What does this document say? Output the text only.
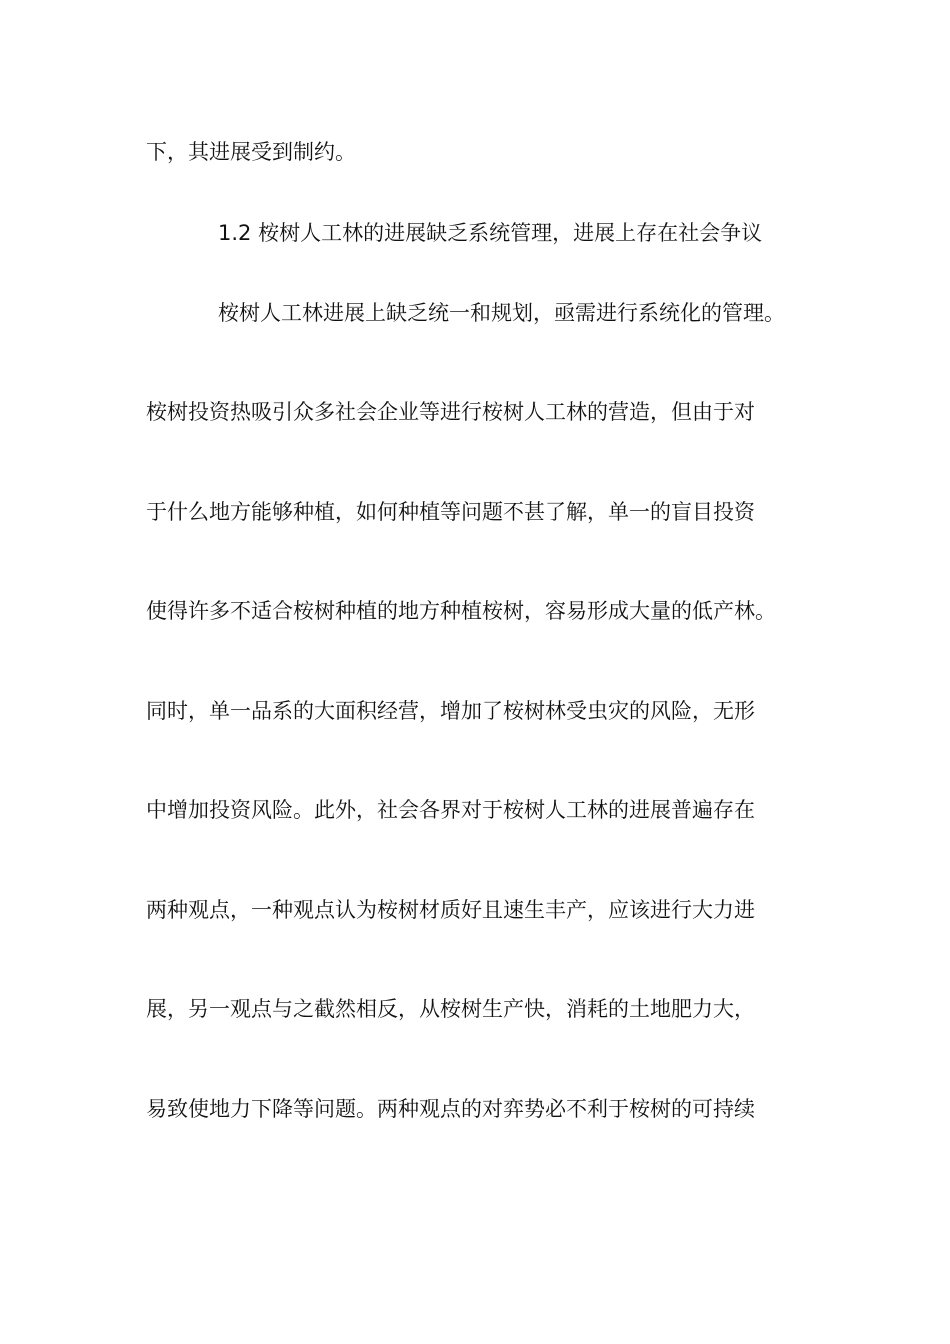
下，其进展受到制约。
1.2 桉树人工林的进展缺乏系统管理，进展上存在社会争议
桉树人工林进展上缺乏统一和规划，亟需进行系统化的管理。
桉树投资热吸引众多社会企业等进行桉树人工林的营造，但由于对
于什么地方能够种植，如何种植等问题不甚了解，单一的盲目投资
使得许多不适合桉树种植的地方种植桉树，容易形成大量的低产林。
同时，单一品系的大面积经营，增加了桉树林受虫灾的风险，无形
中增加投资风险。此外，社会各界对于桉树人工林的进展普遍存在
两种观点，一种观点认为桉树材质好且速生丰产，应该进行大力进
展，另一观点与之截然相反，从桉树生产快，消耗的土地肥力大，
易致使地力下降等问题。两种观点的对弈势必不利于桉树的可持续
